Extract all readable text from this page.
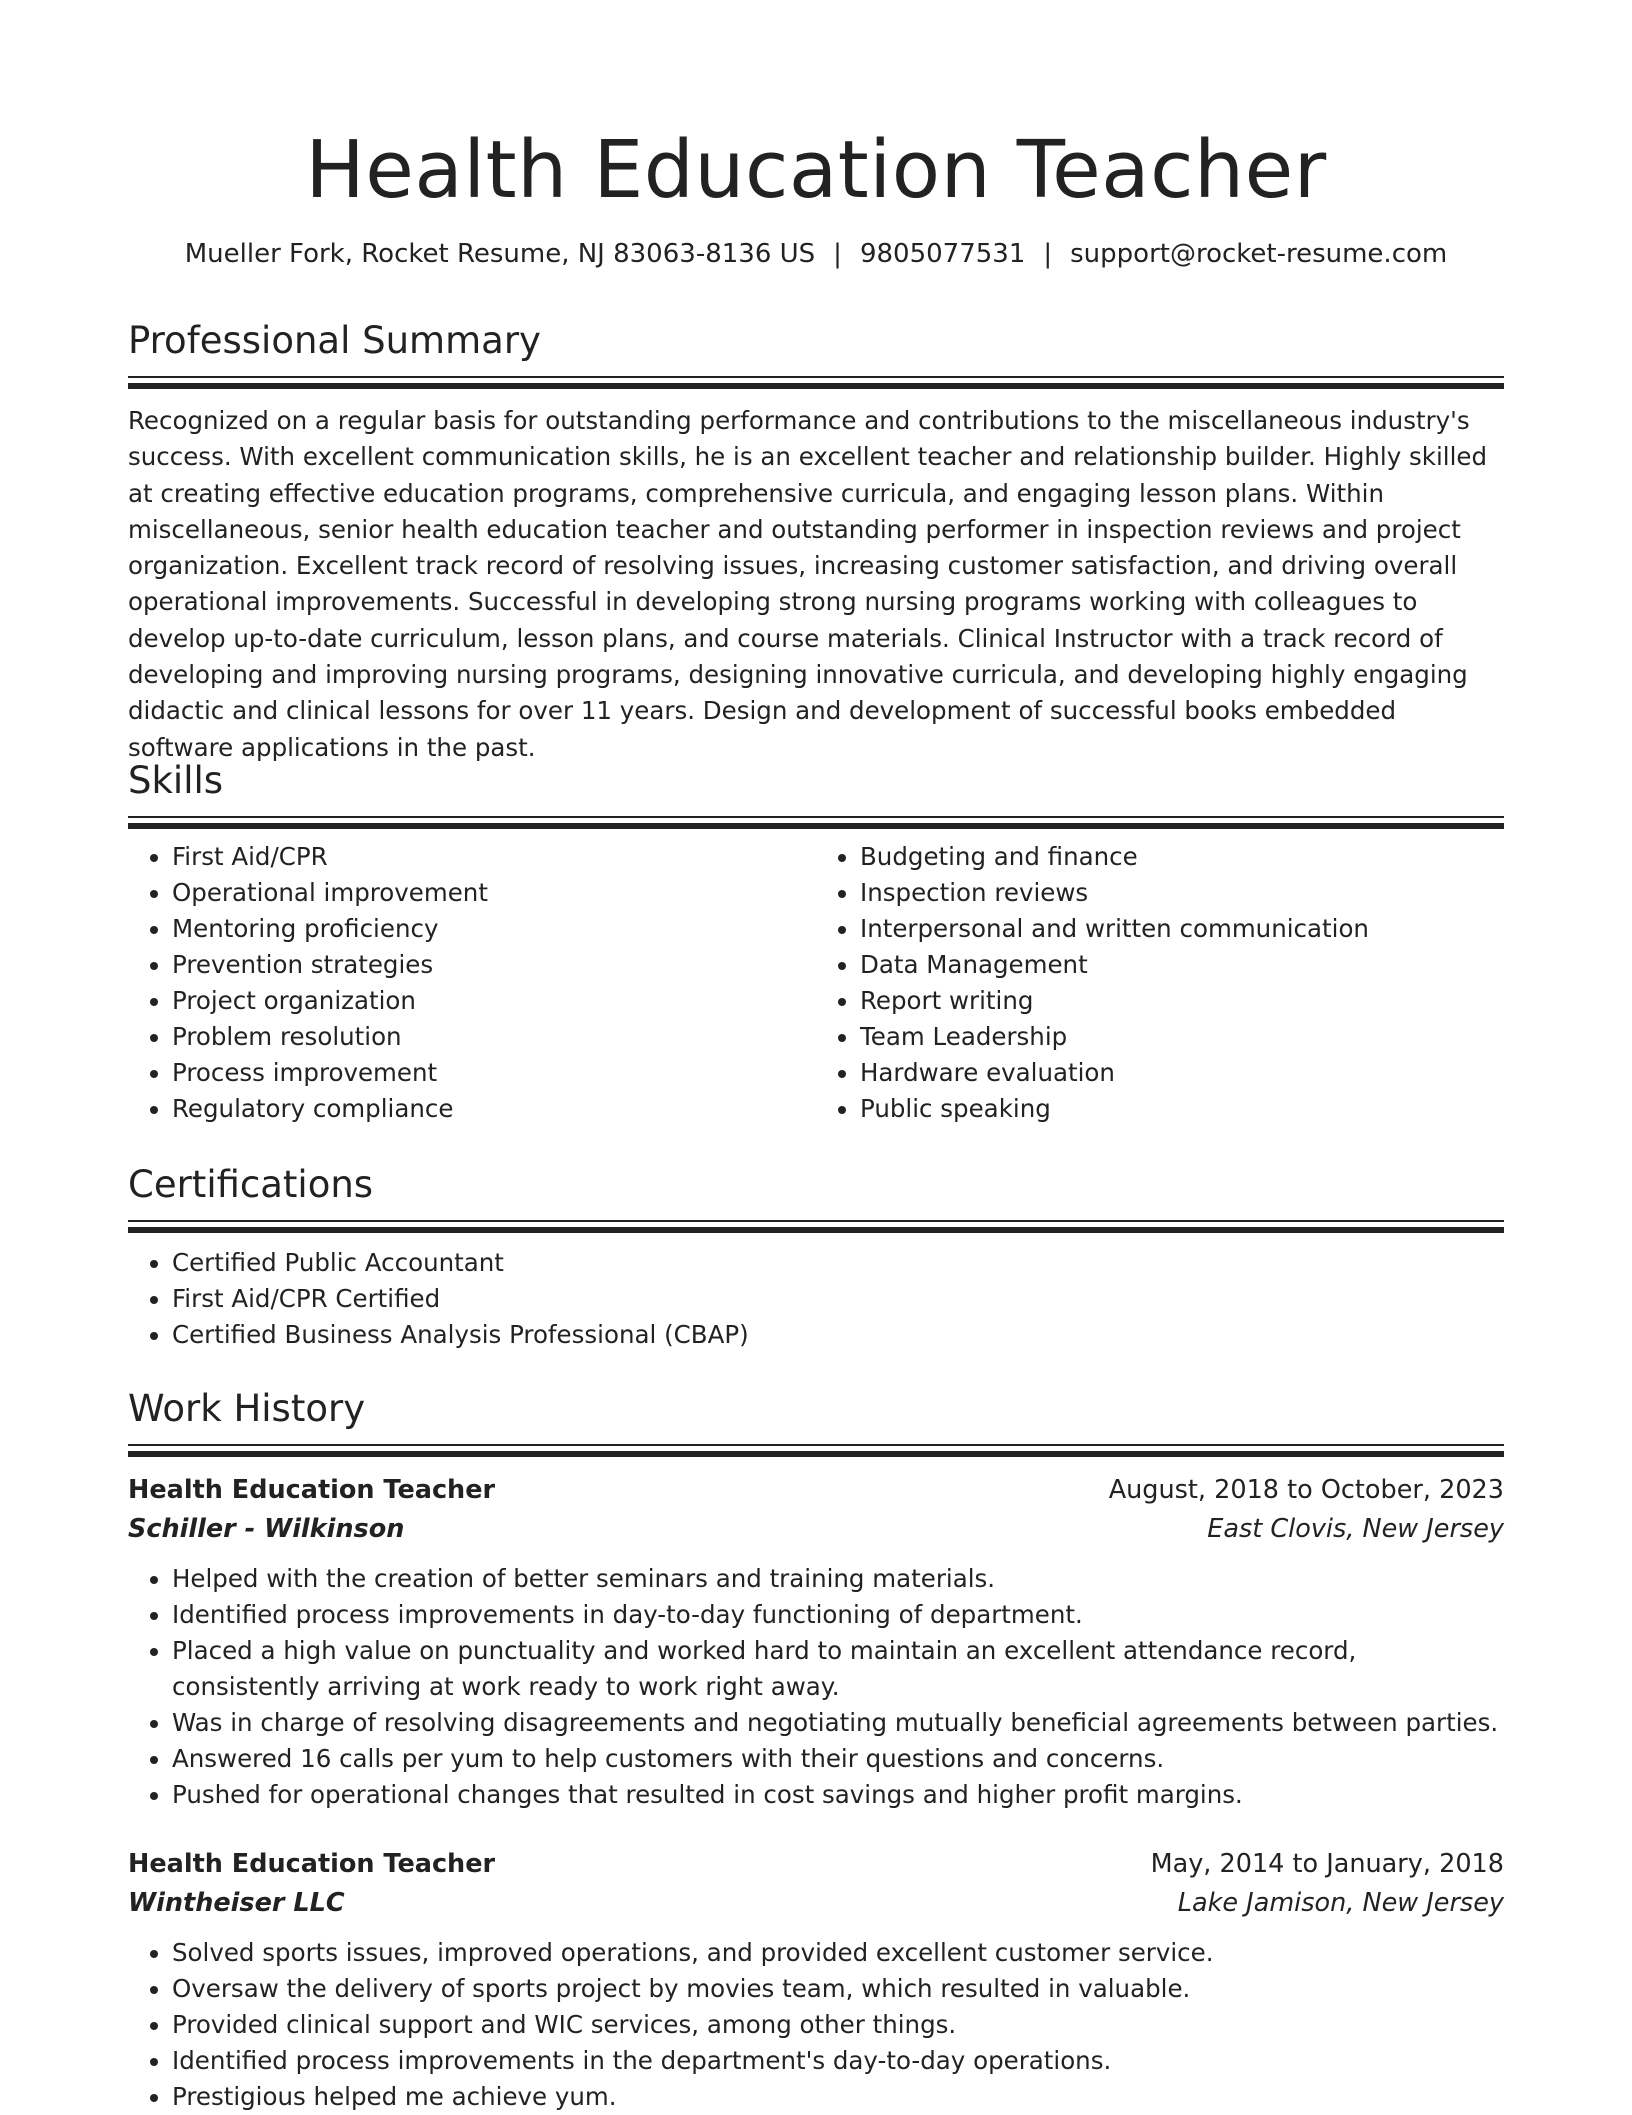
Health Education Teacher
Mueller Fork, Rocket Resume, NJ 83063-8136 US | 9805077531 | support@rocket-resume.com
Professional Summary

Recognized on a regular basis for outstanding performance and contributions to the miscellaneous industry's success. With excellent communication skills, he is an excellent teacher and relationship builder. Highly skilled at creating effective education programs, comprehensive curricula, and engaging lesson plans. Within miscellaneous, senior health education teacher and outstanding performer in inspection reviews and project organization. Excellent track record of resolving issues, increasing customer satisfaction, and driving overall operational improvements. Successful in developing strong nursing programs working with colleagues to develop up-to-date curriculum, lesson plans, and course materials. Clinical Instructor with a track record of developing and improving nursing programs, designing innovative curricula, and developing highly engaging didactic and clinical lessons for over 11 years. Design and development of successful books embedded software applications in the past.

Skills
• First Aid/CPR
• Operational improvement
• Mentoring proficiency
• Prevention strategies
• Project organization
• Problem resolution
• Process improvement
• Regulatory compliance
• Budgeting and finance
• Inspection reviews
• Interpersonal and written communication
• Data Management
• Report writing
• Team Leadership
• Hardware evaluation
• Public speaking
Certifications
• Certified Public Accountant
• First Aid/CPR Certified
• Certified Business Analysis Professional (CBAP)
Work History
Health Education Teacher	August, 2018 to October, 2023
Schiller - Wilkinson	East Clovis, New Jersey
• Helped with the creation of better seminars and training materials.
• Identified process improvements in day-to-day functioning of department.
• Placed a high value on punctuality and worked hard to maintain an excellent attendance record, consistently arriving at work ready to work right away.
• Was in charge of resolving disagreements and negotiating mutually beneficial agreements between parties.
• Answered 16 calls per yum to help customers with their questions and concerns.
• Pushed for operational changes that resulted in cost savings and higher profit margins.
Health Education Teacher	May, 2014 to January, 2018
Wintheiser LLC	Lake Jamison, New Jersey
• Solved sports issues, improved operations, and provided excellent customer service.
• Oversaw the delivery of sports project by movies team, which resulted in valuable.
• Provided clinical support and WIC services, among other things.
• Identified process improvements in the department's day-to-day operations.
• Prestigious helped me achieve yum.
